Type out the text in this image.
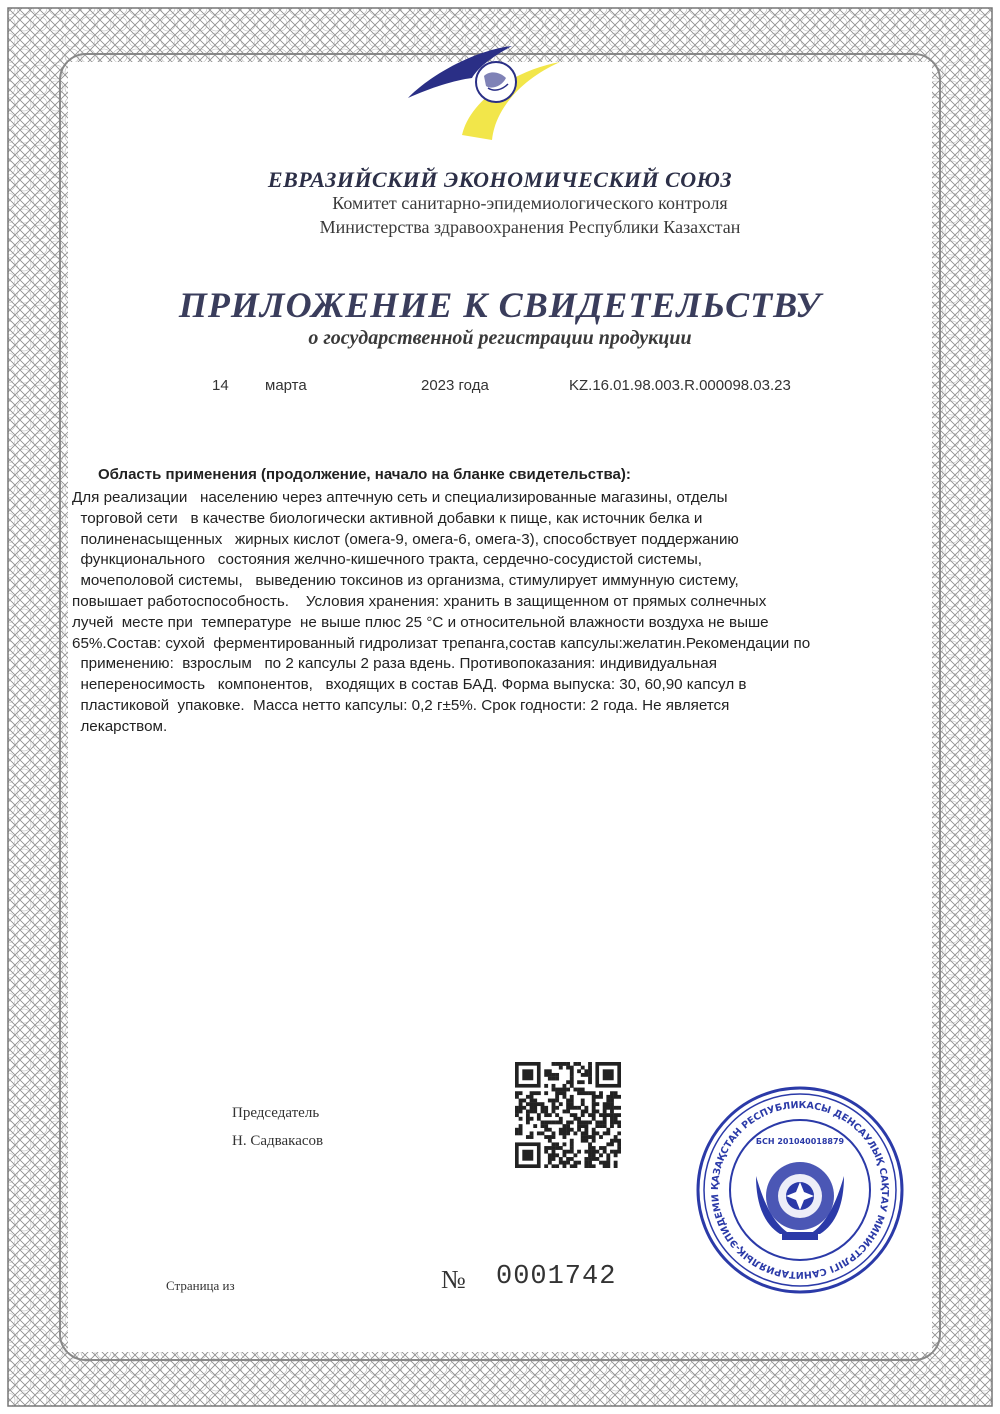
ЕВРАЗИЙСКИЙ ЭКОНОМИЧЕСКИЙ СОЮЗ
Комитет санитарно-эпидемиологического контроля
Министерства здравоохранения Республики Казахстан
ПРИЛОЖЕНИЕ К СВИДЕТЕЛЬСТВУ
о государственной регистрации продукции
14 марта	2023 года	KZ.16.01.98.003.R.000098.03.23
Область применения (продолжение, начало на бланке свидетельства):

Для реализации   населению через аптечную сеть и специализированные магазины, отделы

торговой сети   в качестве биологически активной добавки к пище, как источник белка и

полиненасыщенных   жирных кислот (омега-9, омега-6, омега-3), способствует поддержанию

функционального   состояния желчно-кишечного тракта, сердечно-сосудистой системы,

мочеполовой системы,   выведению токсинов из организма, стимулирует иммунную систему,

повышает работоспособность.    Условия хранения: хранить в защищенном от прямых солнечных

лучей  месте при  температуре  не выше плюс 25 °С и относительной влажности воздуха не выше

65%.Состав: сухой  ферментированный гидролизат трепанга,состав капсулы:желатин.Рекомендации по

применению:  взрослым   по 2 капсулы 2 раза вдень. Противопоказания: индивидуальная

непереносимость   компонентов,   входящих в состав БАД. Форма выпуска: 30, 60,90 капсул в

пластиковой  упаковке.  Масса нетто капсулы: 0,2 г±5%. Срок годности: 2 года. Не является

лекарством.

Председатель
Н. Садвакасов
Страница из	№ 0001742
ҚАЗАҚСТАН РЕСПУБЛИКАСЫ ДЕНСАУЛЫҚ САҚТАУ МИНИСТРЛІГІ САНИТАРИЯЛЫҚ-ЭПИДЕМИ
БСН 201040018879
